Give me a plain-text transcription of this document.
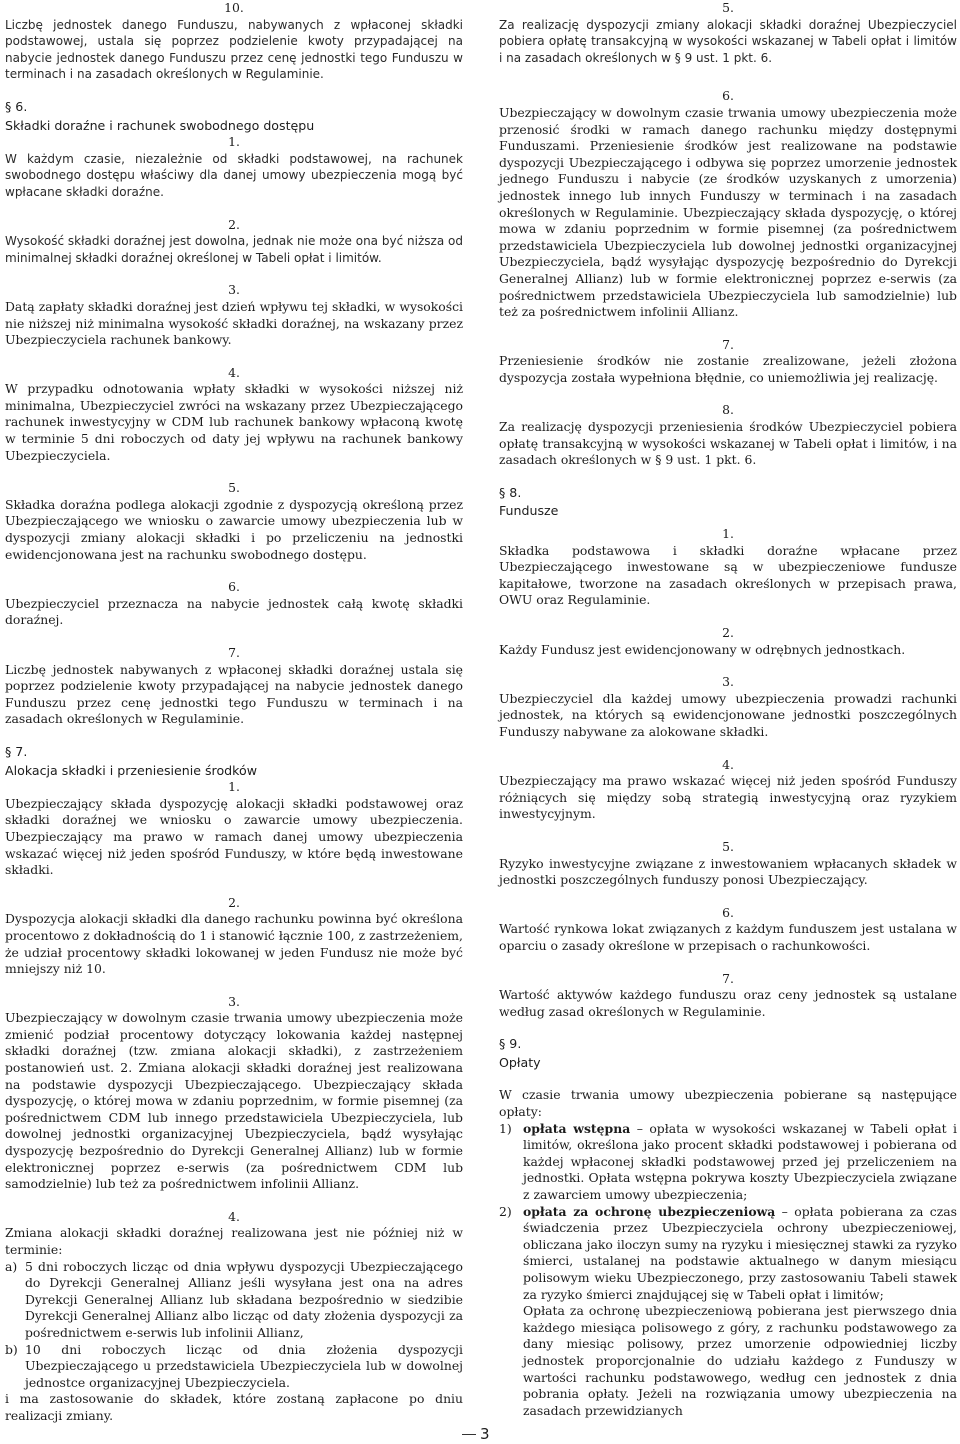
10.

Liczbę jednostek danego Funduszu, nabywanych z wpłaconej składki podstawowej, ustala się poprzez podzielenie kwoty przypadającej na nabycie jednostek danego Funduszu przez cenę jednostki tego Funduszu w terminach i na zasadach określonych w Regulaminie.

§ 6.

Składki doraźne i rachunek swobodnego dostępu

1.

W każdym czasie, niezależnie od składki podstawowej, na rachunek swobodnego dostępu właściwy dla danej umowy ubezpieczenia mogą być wpłacane składki doraźne.

2.

Wysokość składki doraźnej jest dowolna, jednak nie może ona być niższa od minimalnej składki doraźnej określonej w Tabeli opłat i limitów.

3.

Datą zapłaty składki doraźnej jest dzień wpływu tej składki, w wysokości nie niższej niż minimalna wysokość składki doraźnej, na wskazany przez Ubezpieczyciela rachunek bankowy.

4.

W przypadku odnotowania wpłaty składki w wysokości niższej niż minimalna, Ubezpieczyciel zwróci na wskazany przez Ubezpieczającego rachunek inwestycyjny w CDM lub rachunek bankowy wpłaconą kwotę w terminie 5 dni roboczych od daty jej wpływu na rachunek bankowy Ubezpieczyciela.

5.

Składka doraźna podlega alokacji zgodnie z dyspozycją określoną przez Ubezpieczającego we wniosku o zawarcie umowy ubezpieczenia lub w dyspozycji zmiany alokacji składki i po przeliczeniu na jednostki ewidencjonowana jest na rachunku swobodnego dostępu.

6.

Ubezpieczyciel przeznacza na nabycie jednostek całą kwotę składki doraźnej.

7.

Liczbę jednostek nabywanych z wpłaconej składki doraźnej ustala się poprzez podzielenie kwoty przypadającej na nabycie jednostek danego Funduszu przez cenę jednostki tego Funduszu w terminach i na zasadach określonych w Regulaminie.

§ 7.

Alokacja składki i przeniesienie środków

1.

Ubezpieczający składa dyspozycję alokacji składki podstawowej oraz składki doraźnej we wniosku o zawarcie umowy ubezpieczenia. Ubezpieczający ma prawo w ramach danej umowy ubezpieczenia wskazać więcej niż jeden spośród Funduszy, w które będą inwestowane składki.

2.

Dyspozycja alokacji składki dla danego rachunku powinna być określona procentowo z dokładnością do 1 i stanowić łącznie 100, z zastrzeżeniem, że udział procentowy składki lokowanej w jeden Fundusz nie może być mniejszy niż 10.

3.

Ubezpieczający w dowolnym czasie trwania umowy ubezpieczenia może zmienić podział procentowy dotyczący lokowania każdej następnej składki doraźnej (tzw. zmiana alokacji składki), z zastrzeżeniem postanowień ust. 2. Zmiana alokacji składki doraźnej jest realizowana na podstawie dyspozycji Ubezpieczającego. Ubezpieczający składa dyspozycję, o której mowa w zdaniu poprzednim, w formie pisemnej (za pośrednictwem CDM lub innego przedstawiciela Ubezpieczyciela, lub dowolnej jednostki organizacyjnej Ubezpieczyciela, bądź wysyłając dyspozycję bezpośrednio do Dyrekcji Generalnej Allianz) lub w formie elektronicznej poprzez e-serwis (za pośrednictwem CDM lub samodzielnie) lub też za pośrednictwem infolinii Allianz.

4.

Zmiana alokacji składki doraźnej realizowana jest nie później niż w terminie:

a) 5 dni roboczych licząc od dnia wpływu dyspozycji Ubezpieczającego do Dyrekcji Generalnej Allianz jeśli wysyłana jest ona na adres Dyrekcji Generalnej Allianz lub składana bezpośrednio w siedzibie Dyrekcji Generalnej Allianz albo licząc od daty złożenia dyspozycji za pośrednictwem e-serwis lub infolinii Allianz,
b) 10 dni roboczych licząc od dnia złożenia dyspozycji Ubezpieczającego u przedstawiciela Ubezpieczyciela lub w dowolnej jednostce organizacyjnej Ubezpieczyciela.

i ma zastosowanie do składek, które zostaną zapłacone po dniu realizacji zmiany.

5.

Za realizację dyspozycji zmiany alokacji składki doraźnej Ubezpieczyciel pobiera opłatę transakcyjną w wysokości wskazanej w Tabeli opłat i limitów i na zasadach określonych w § 9 ust. 1 pkt. 6.

6.

Ubezpieczający w dowolnym czasie trwania umowy ubezpieczenia może przenosić środki w ramach danego rachunku między dostępnymi Funduszami. Przeniesienie środków jest realizowane na podstawie dyspozycji Ubezpieczającego i odbywa się poprzez umorzenie jednostek jednego Funduszu i nabycie (ze środków uzyskanych z umorzenia) jednostek innego lub innych Funduszy w terminach i na zasadach określonych w Regulaminie. Ubezpieczający składa dyspozycję, o której mowa w zdaniu poprzednim w formie pisemnej (za pośrednictwem przedstawiciela Ubezpieczyciela lub dowolnej jednostki organizacyjnej Ubezpieczyciela, bądź wysyłając dyspozycję bezpośrednio do Dyrekcji Generalnej Allianz) lub w formie elektronicznej poprzez e-serwis (za pośrednictwem przedstawiciela Ubezpieczyciela lub samodzielnie) lub też za pośrednictwem infolinii Allianz.

7.

Przeniesienie środków nie zostanie zrealizowane, jeżeli złożona dyspozycja została wypełniona błędnie, co uniemożliwia jej realizację.

8.

Za realizację dyspozycji przeniesienia środków Ubezpieczyciel pobiera opłatę transakcyjną w wysokości wskazanej w Tabeli opłat i limitów, i na zasadach określonych w § 9 ust. 1 pkt. 6.

§ 8.

Fundusze

1.

Składka podstawowa i składki doraźne wpłacane przez Ubezpieczającego inwestowane są w ubezpieczeniowe fundusze kapitałowe, tworzone na zasadach określonych w przepisach prawa, OWU oraz Regulaminie.

2.

Każdy Fundusz jest ewidencjonowany w odrębnych jednostkach.

3.

Ubezpieczyciel dla każdej umowy ubezpieczenia prowadzi rachunki jednostek, na których są ewidencjonowane jednostki poszczególnych Funduszy nabywane za alokowane składki.

4.

Ubezpieczający ma prawo wskazać więcej niż jeden spośród Funduszy różniących się między sobą strategią inwestycyjną oraz ryzykiem inwestycyjnym.

5.

Ryzyko inwestycyjne związane z inwestowaniem wpłacanych składek w jednostki poszczególnych funduszy ponosi Ubezpieczający.

6.

Wartość rynkowa lokat związanych z każdym funduszem jest ustalana w oparciu o zasady określone w przepisach o rachunkowości.

7.

Wartość aktywów każdego funduszu oraz ceny jednostek są ustalane według zasad określonych w Regulaminie.

§ 9.

Opłaty

W czasie trwania umowy ubezpieczenia pobierane są następujące opłaty:

1) opłata wstępna – opłata w wysokości wskazanej w Tabeli opłat i limitów, określona jako procent składki podstawowej i pobierana od każdej wpłaconej składki podstawowej przed jej przeliczeniem na jednostki. Opłata wstępna pokrywa koszty Ubezpieczyciela związane z zawarciem umowy ubezpieczenia;
2) opłata za ochronę ubezpieczeniową – opłata pobierana za czas świadczenia przez Ubezpieczyciela ochrony ubezpieczeniowej, obliczana jako iloczyn sumy na ryzyku i miesięcznej stawki za ryzyko śmierci, ustalanej na podstawie aktualnego w danym miesiącu polisowym wieku Ubezpieczonego, przy zastosowaniu Tabeli stawek za ryzyko śmierci znajdującej się w Tabeli opłat i limitów;

Opłata za ochronę ubezpieczeniową pobierana jest pierwszego dnia każdego miesiąca polisowego z góry, z rachunku podstawowego za dany miesiąc polisowy, przez umorzenie odpowiedniej liczby jednostek proporcjonalnie do udziału każdego z Funduszy w wartości rachunku podstawowego, według cen jednostek z dnia pobrania opłaty. Jeżeli na rozwiązania umowy ubezpieczenia na zasadach przewidzianych

3
